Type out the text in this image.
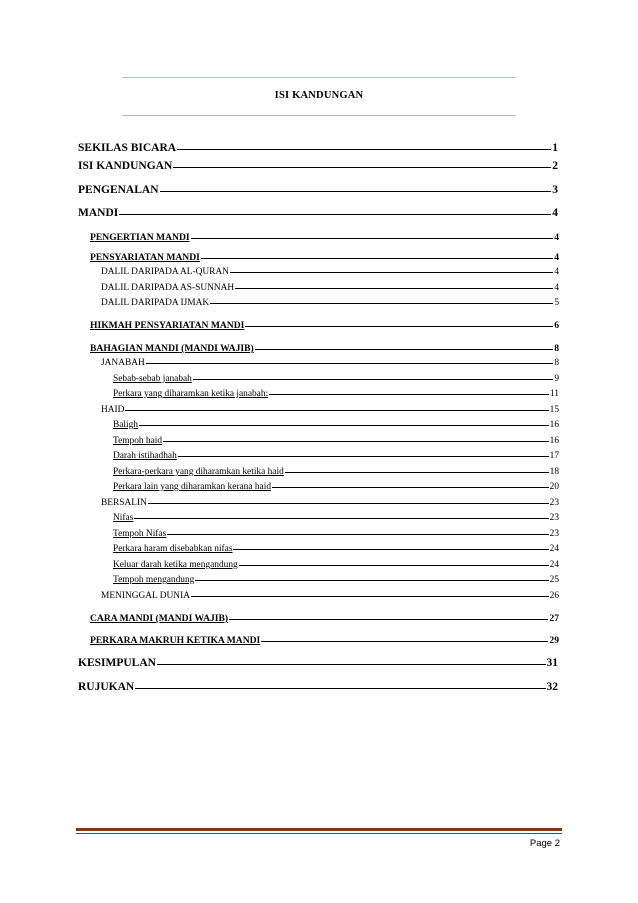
ISI KANDUNGAN
SEKILAS BICARA	1
ISI KANDUNGAN	2
PENGENALAN	3
MANDI	4
PENGERTIAN MANDI	4
PENSYARIATAN MANDI	4
DALIL DARIPADA AL-QURAN	4
DALIL DARIPADA AS-SUNNAH	4
DALIL DARIPADA IJMAK	5
HIKMAH PENSYARIATAN MANDI	6
BAHAGIAN MANDI (MANDI WAJIB)	8
JANABAH	8
Sebab-sebab janabah	9
Perkara yang diharamkan ketika janabah:	11
HAID	15
Baligh	16
Tempoh haid	16
Darah istihadhah	17
Perkara-perkara yang diharamkan ketika haid	18
Perkara lain yang diharamkan kerana haid	20
BERSALIN	23
Nifas	23
Tempoh Nifas	23
Perkara haram disebabkan nifas	24
Keluar darah ketika mengandung	24
Tempoh mengandung	25
MENINGGAL DUNIA	26
CARA MANDI (MANDI WAJIB)	27
PERKARA MAKRUH KETIKA MANDI	29
KESIMPULAN	31
RUJUKAN	32
Page 2
